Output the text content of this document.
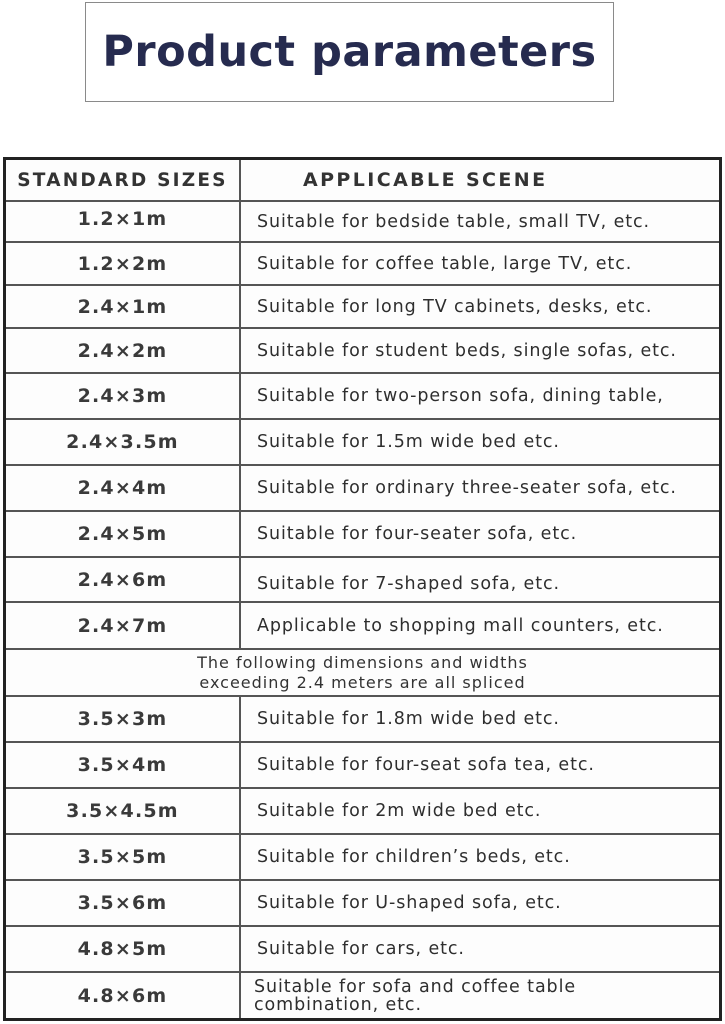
Product parameters
STANDARD SIZES	APPLICABLE SCENE
1.2×1m	Suitable for bedside table, small TV, etc.
1.2×2m	Suitable for coffee table, large TV, etc.
2.4×1m	Suitable for long TV cabinets, desks, etc.
2.4×2m	Suitable for student beds, single sofas, etc.
2.4×3m	Suitable for two-person sofa, dining table,
2.4×3.5m	Suitable for 1.5m wide bed etc.
2.4×4m	Suitable for ordinary three-seater sofa, etc.
2.4×5m	Suitable for four-seater sofa, etc.
2.4×6m	Suitable for 7-shaped sofa, etc.
2.4×7m	Applicable to shopping mall counters, etc.
The following dimensions and widths
exceeding 2.4 meters are all spliced
3.5×3m	Suitable for 1.8m wide bed etc.
3.5×4m	Suitable for four-seat sofa tea, etc.
3.5×4.5m	Suitable for 2m wide bed etc.
3.5×5m	Suitable for children’s beds, etc.
3.5×6m	Suitable for U-shaped sofa, etc.
4.8×5m	Suitable for cars, etc.
4.8×6m	Suitable for sofa and coffee table
combination, etc.
